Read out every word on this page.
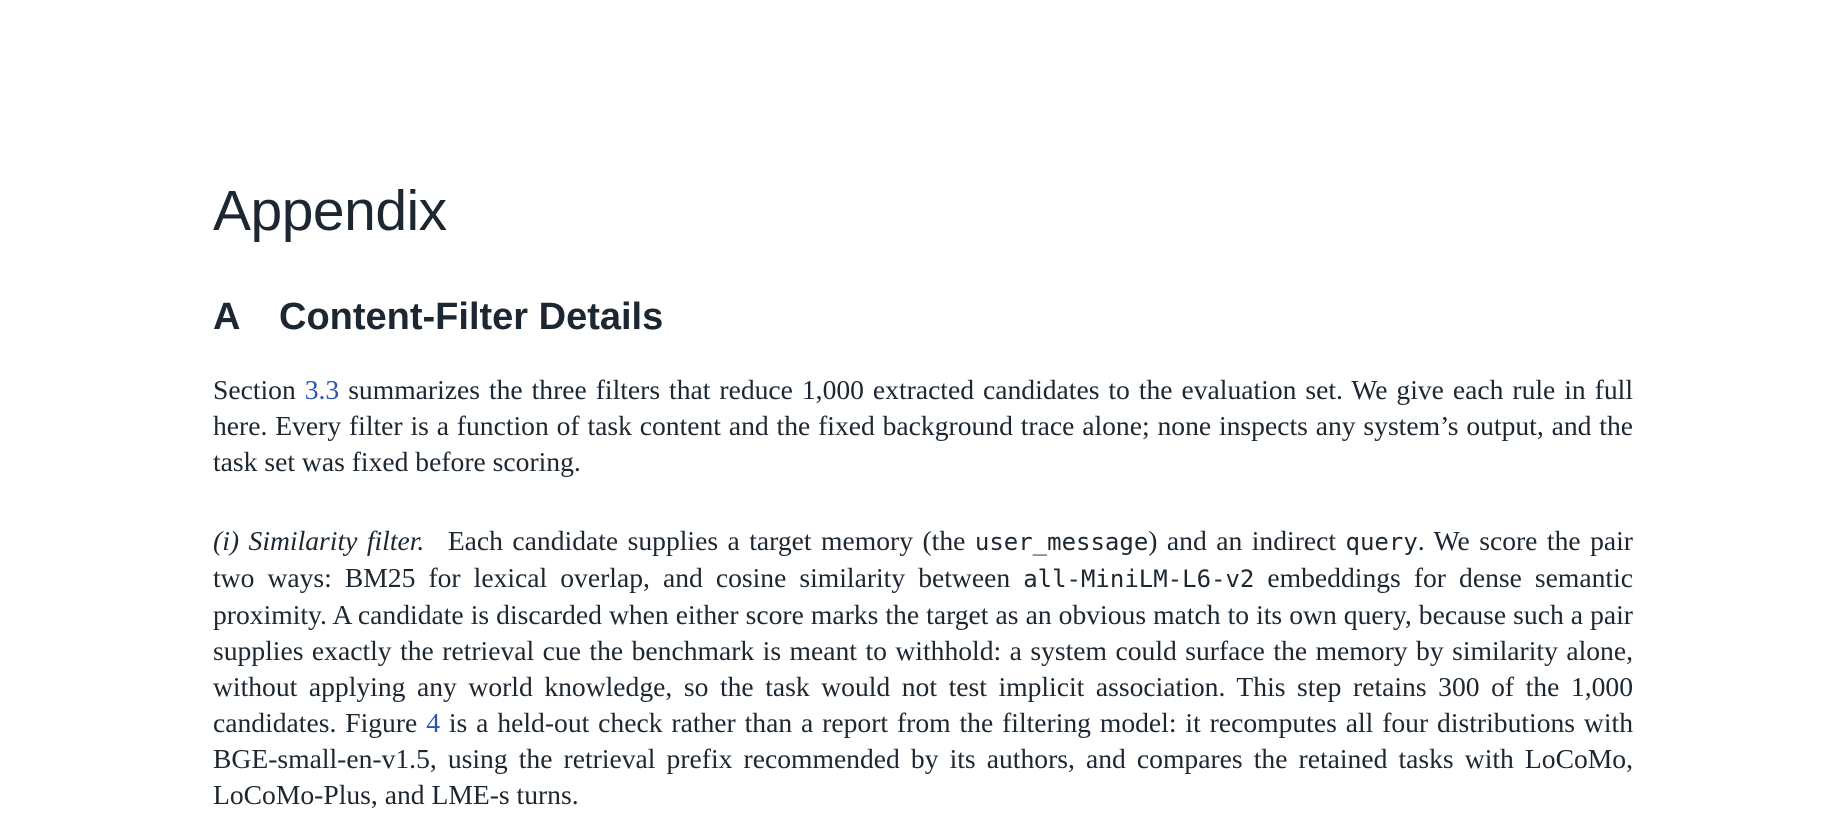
Appendix
A Content-Filter Details

Section 3.3 summarizes the three filters that reduce 1,000 extracted candidates to the evaluation set. We give each rule in full here. Every filter is a function of task content and the fixed background trace alone; none inspects any system’s output, and the task set was fixed before scoring.

(i) Similarity filter. Each candidate supplies a target memory (the user_message) and an indirect query. We score the pair two ways: BM25 for lexical overlap, and cosine similarity between all-MiniLM-L6-v2 embeddings for dense semantic proximity. A candidate is discarded when either score marks the target as an obvious match to its own query, because such a pair supplies exactly the retrieval cue the benchmark is meant to withhold: a system could surface the memory by similarity alone, without applying any world knowledge, so the task would not test implicit association. This step retains 300 of the 1,000 candidates. Figure 4 is a held-out check rather than a report from the filtering model: it recomputes all four distributions with BGE-small-en-v1.5, using the retrieval prefix recommended by its authors, and compares the retained tasks with LoCoMo, LoCoMo-Plus, and LME-s turns.
